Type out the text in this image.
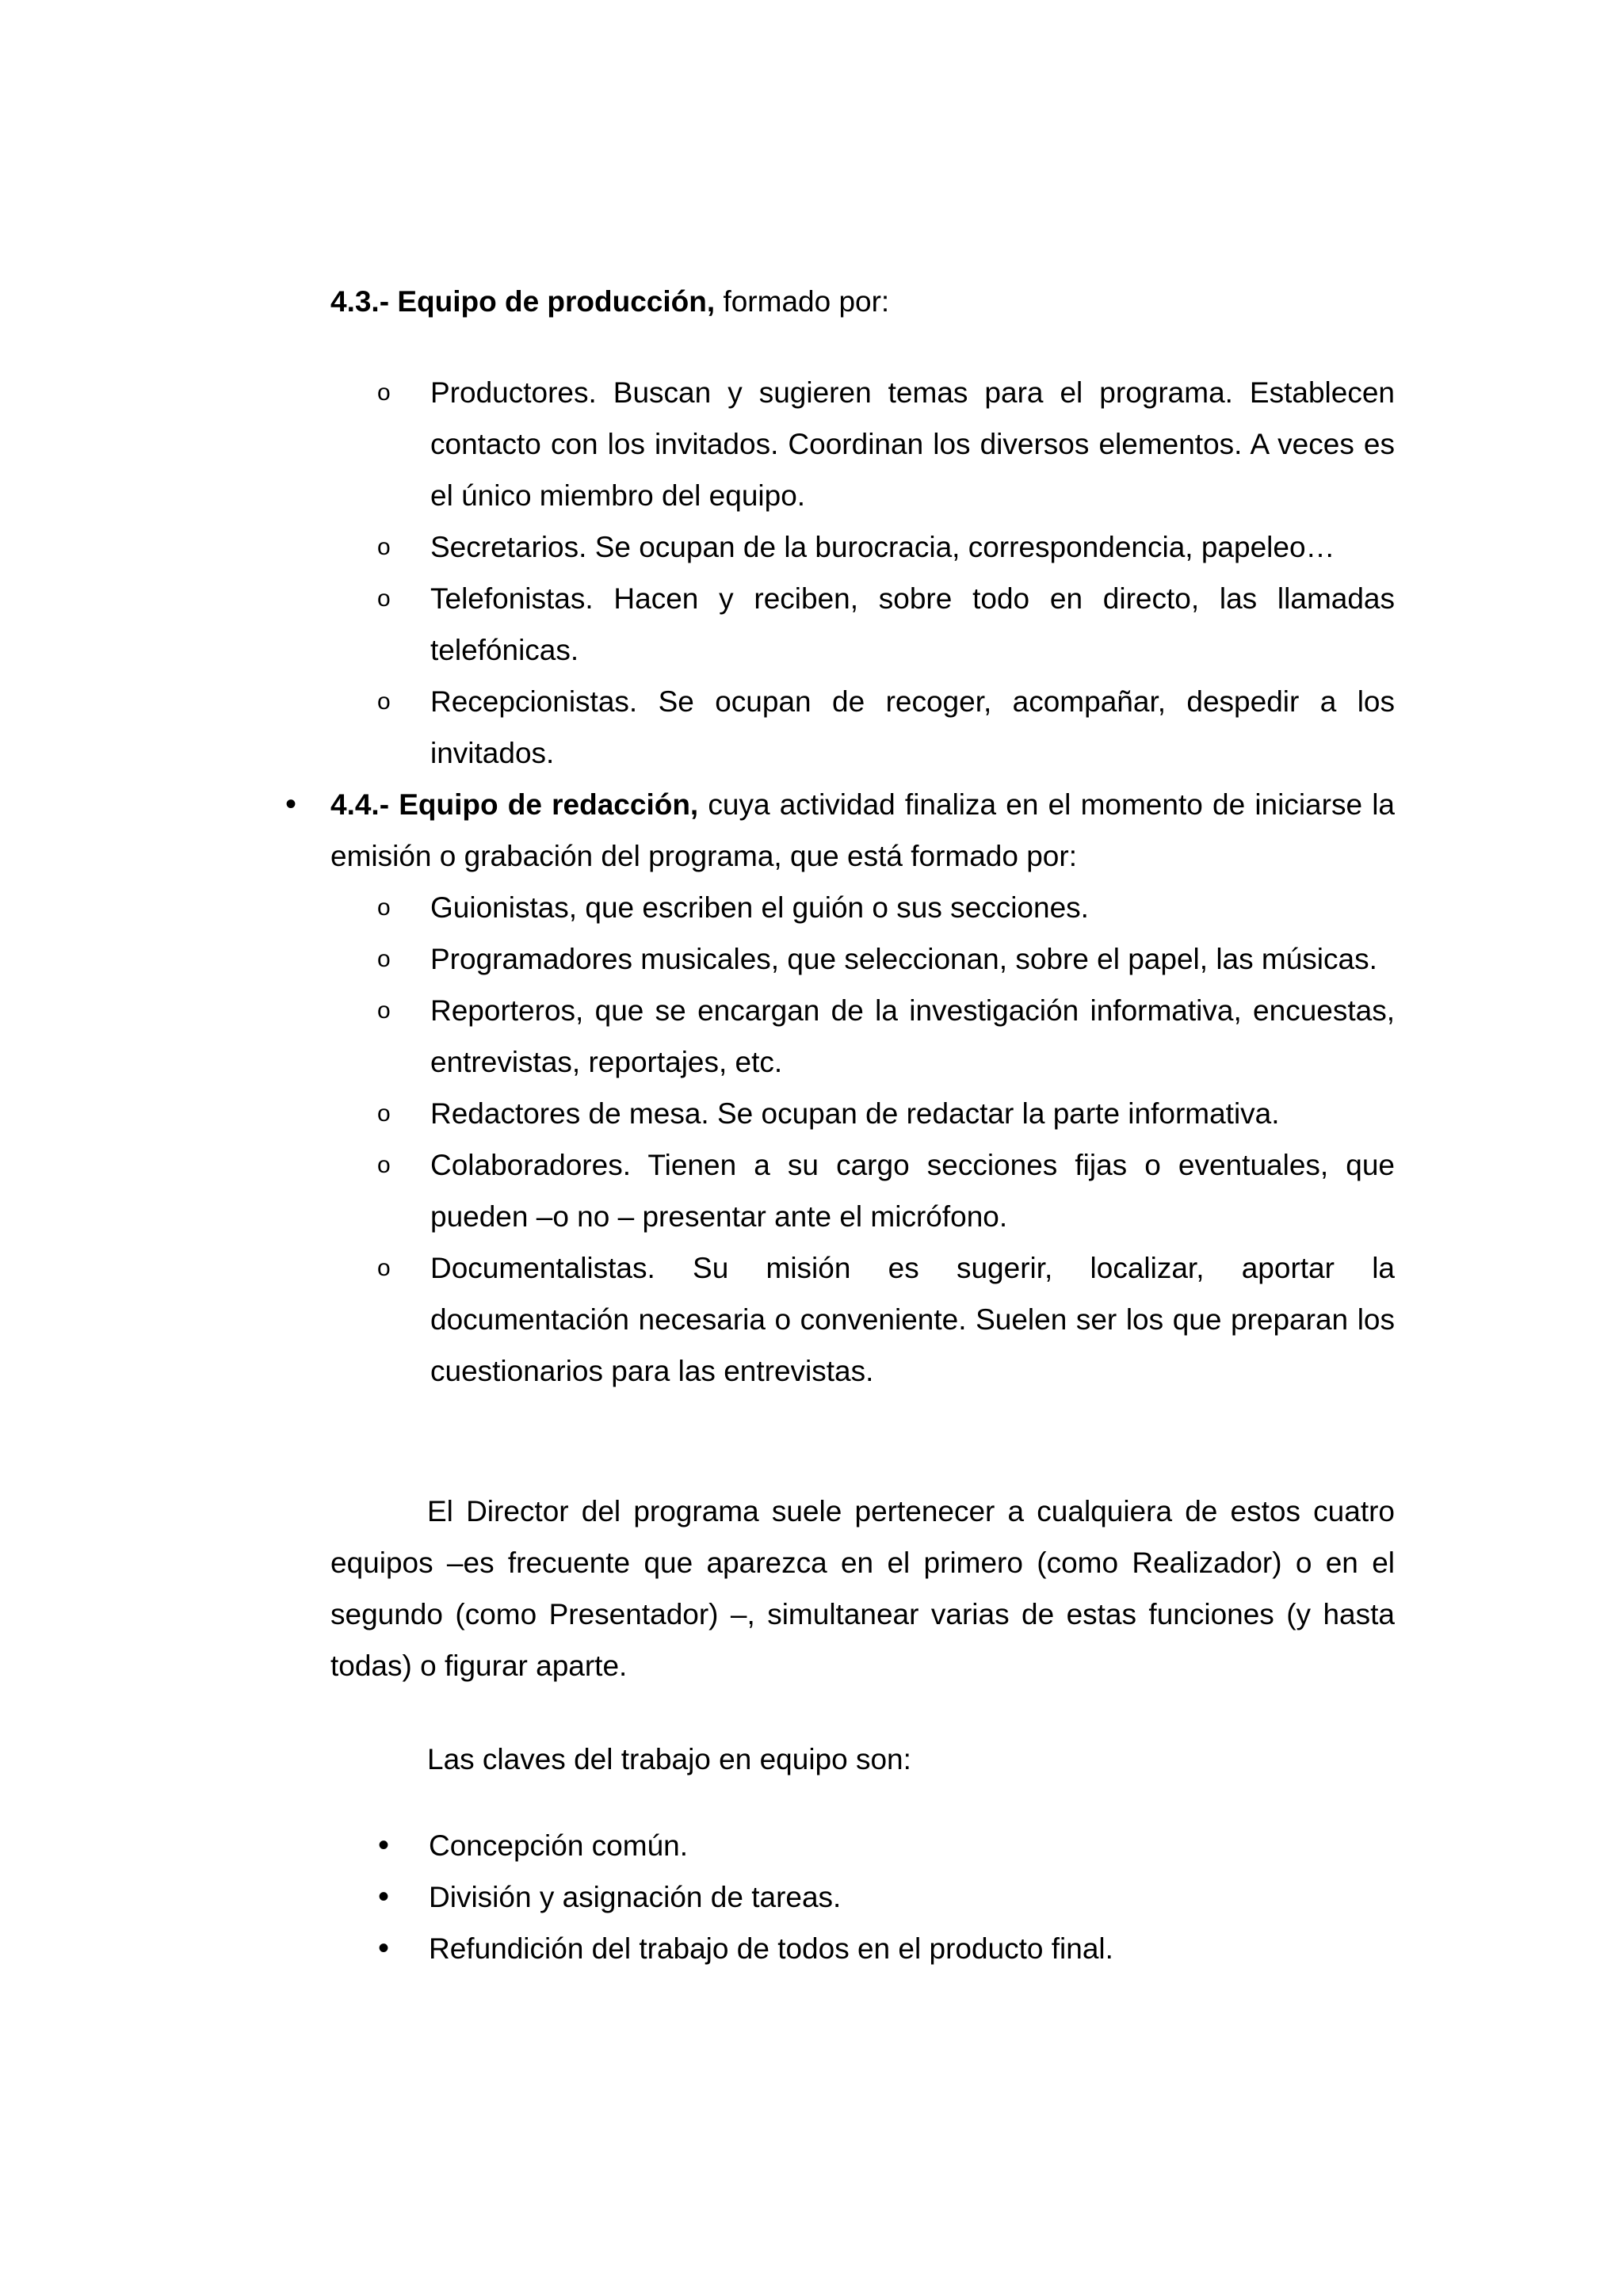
4.3.- Equipo de producción, formado por:
o Productores. Buscan y sugieren temas para el programa. Establecen contacto con los invitados. Coordinan los diversos elementos. A veces es el único miembro del equipo.
o Secretarios. Se ocupan de la burocracia, correspondencia, papeleo…
o Telefonistas. Hacen y reciben, sobre todo en directo, las llamadas telefónicas.
o Recepcionistas. Se ocupan de recoger, acompañar, despedir a los invitados.
• 4.4.- Equipo de redacción, cuya actividad finaliza en el momento de iniciarse la emisión o grabación del programa, que está formado por:
o Guionistas, que escriben el guión o sus secciones.
o Programadores musicales, que seleccionan, sobre el papel, las músicas.
o Reporteros, que se encargan de la investigación informativa, encuestas, entrevistas, reportajes, etc.
o Redactores de mesa. Se ocupan de redactar la parte informativa.
o Colaboradores. Tienen a su cargo secciones fijas o eventuales, que pueden –o no – presentar ante el micrófono.
o Documentalistas. Su misión es sugerir, localizar, aportar la documentación necesaria o conveniente. Suelen ser los que preparan los cuestionarios para las entrevistas.

El Director del programa suele pertenecer a cualquiera de estos cuatro equipos –es frecuente que aparezca en el primero (como Realizador) o en el segundo (como Presentador) –, simultanear varias de estas funciones (y hasta todas) o figurar aparte.

Las claves del trabajo en equipo son:
• Concepción común.
• División y asignación de tareas.
• Refundición del trabajo de todos en el producto final.
